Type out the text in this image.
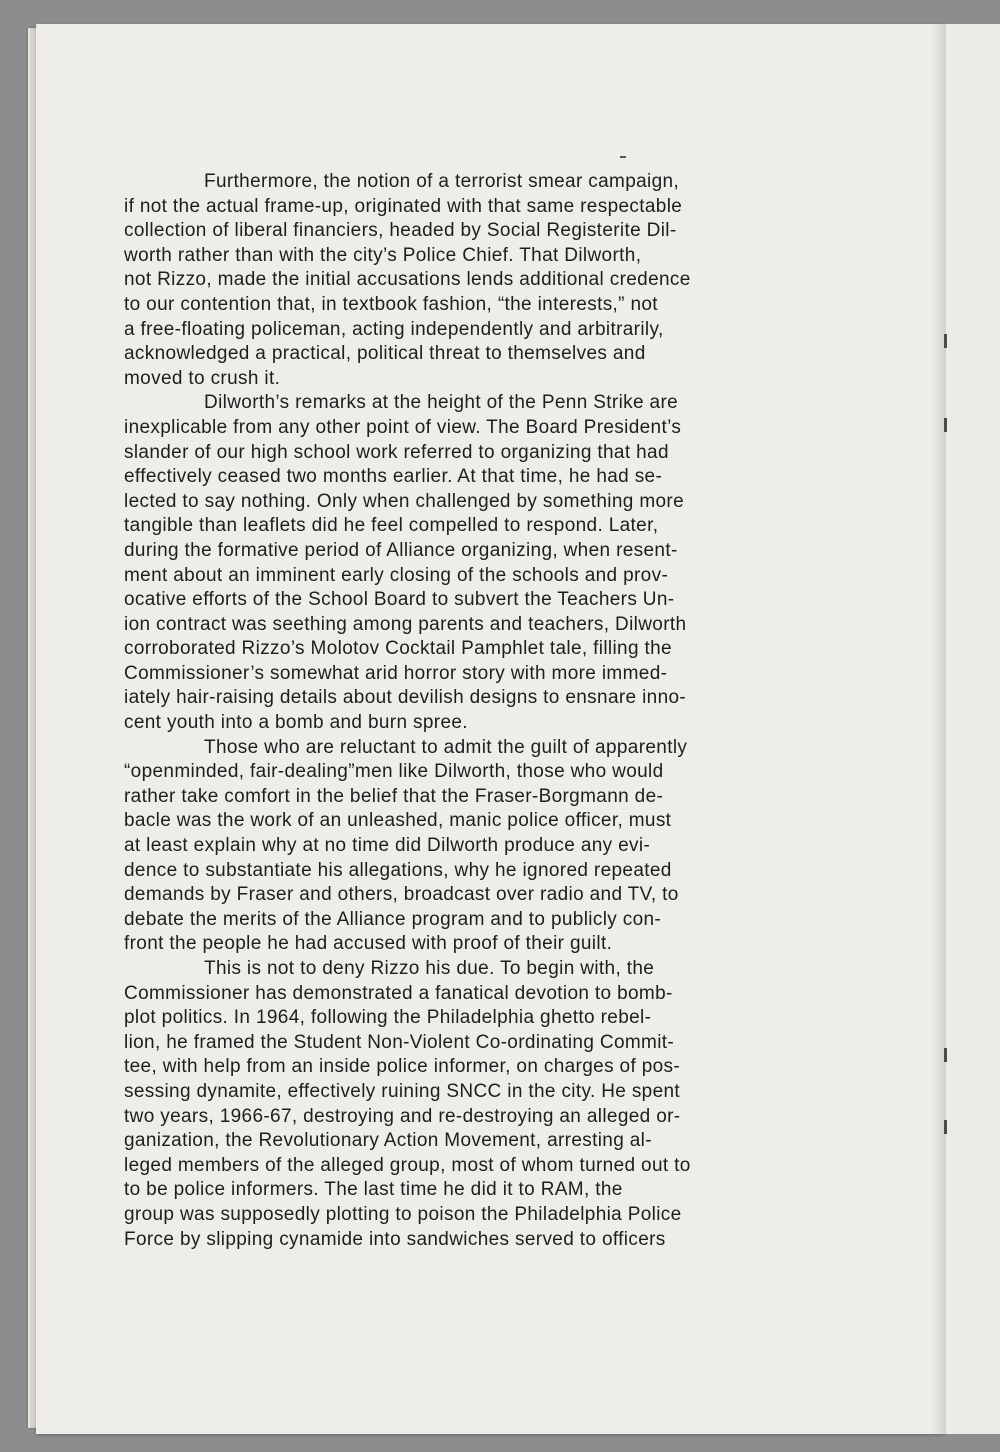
Furthermore, the notion of a terrorist smear campaign,
if not the actual frame-up, originated with that same respectable
collection of liberal financiers, headed by Social Registerite Dil-
worth rather than with the city’s Police Chief. That Dilworth,
not Rizzo, made the initial accusations lends additional credence
to our contention that, in textbook fashion, “the interests,” not
a free-floating policeman, acting independently and arbitrarily,
acknowledged a practical, political threat to themselves and
moved to crush it.

Dilworth’s remarks at the height of the Penn Strike are
inexplicable from any other point of view. The Board President’s
slander of our high school work referred to organizing that had
effectively ceased two months earlier. At that time, he had se-
lected to say nothing. Only when challenged by something more
tangible than leaflets did he feel compelled to respond. Later,
during the formative period of Alliance organizing, when resent-
ment about an imminent early closing of the schools and prov-
ocative efforts of the School Board to subvert the Teachers Un-
ion contract was seething among parents and teachers, Dilworth
corroborated Rizzo’s Molotov Cocktail Pamphlet tale, filling the
Commissioner’s somewhat arid horror story with more immed-
iately hair-raising details about devilish designs to ensnare inno-
cent youth into a bomb and burn spree.

Those who are reluctant to admit the guilt of apparently
“openminded, fair-dealing”men like Dilworth, those who would
rather take comfort in the belief that the Fraser-Borgmann de-
bacle was the work of an unleashed, manic police officer, must
at least explain why at no time did Dilworth produce any evi-
dence to substantiate his allegations, why he ignored repeated
demands by Fraser and others, broadcast over radio and TV, to
debate the merits of the Alliance program and to publicly con-
front the people he had accused with proof of their guilt.

This is not to deny Rizzo his due. To begin with, the
Commissioner has demonstrated a fanatical devotion to bomb-
plot politics. In 1964, following the Philadelphia ghetto rebel-
lion, he framed the Student Non-Violent Co-ordinating Commit-
tee, with help from an inside police informer, on charges of pos-
sessing dynamite, effectively ruining SNCC in the city. He spent
two years, 1966-67, destroying and re-destroying an alleged or-
ganization, the Revolutionary Action Movement, arresting al-
leged members of the alleged group, most of whom turned out to
to be police informers. The last time he did it to RAM, the
group was supposedly plotting to poison the Philadelphia Police
Force by slipping cynamide into sandwiches served to officers
